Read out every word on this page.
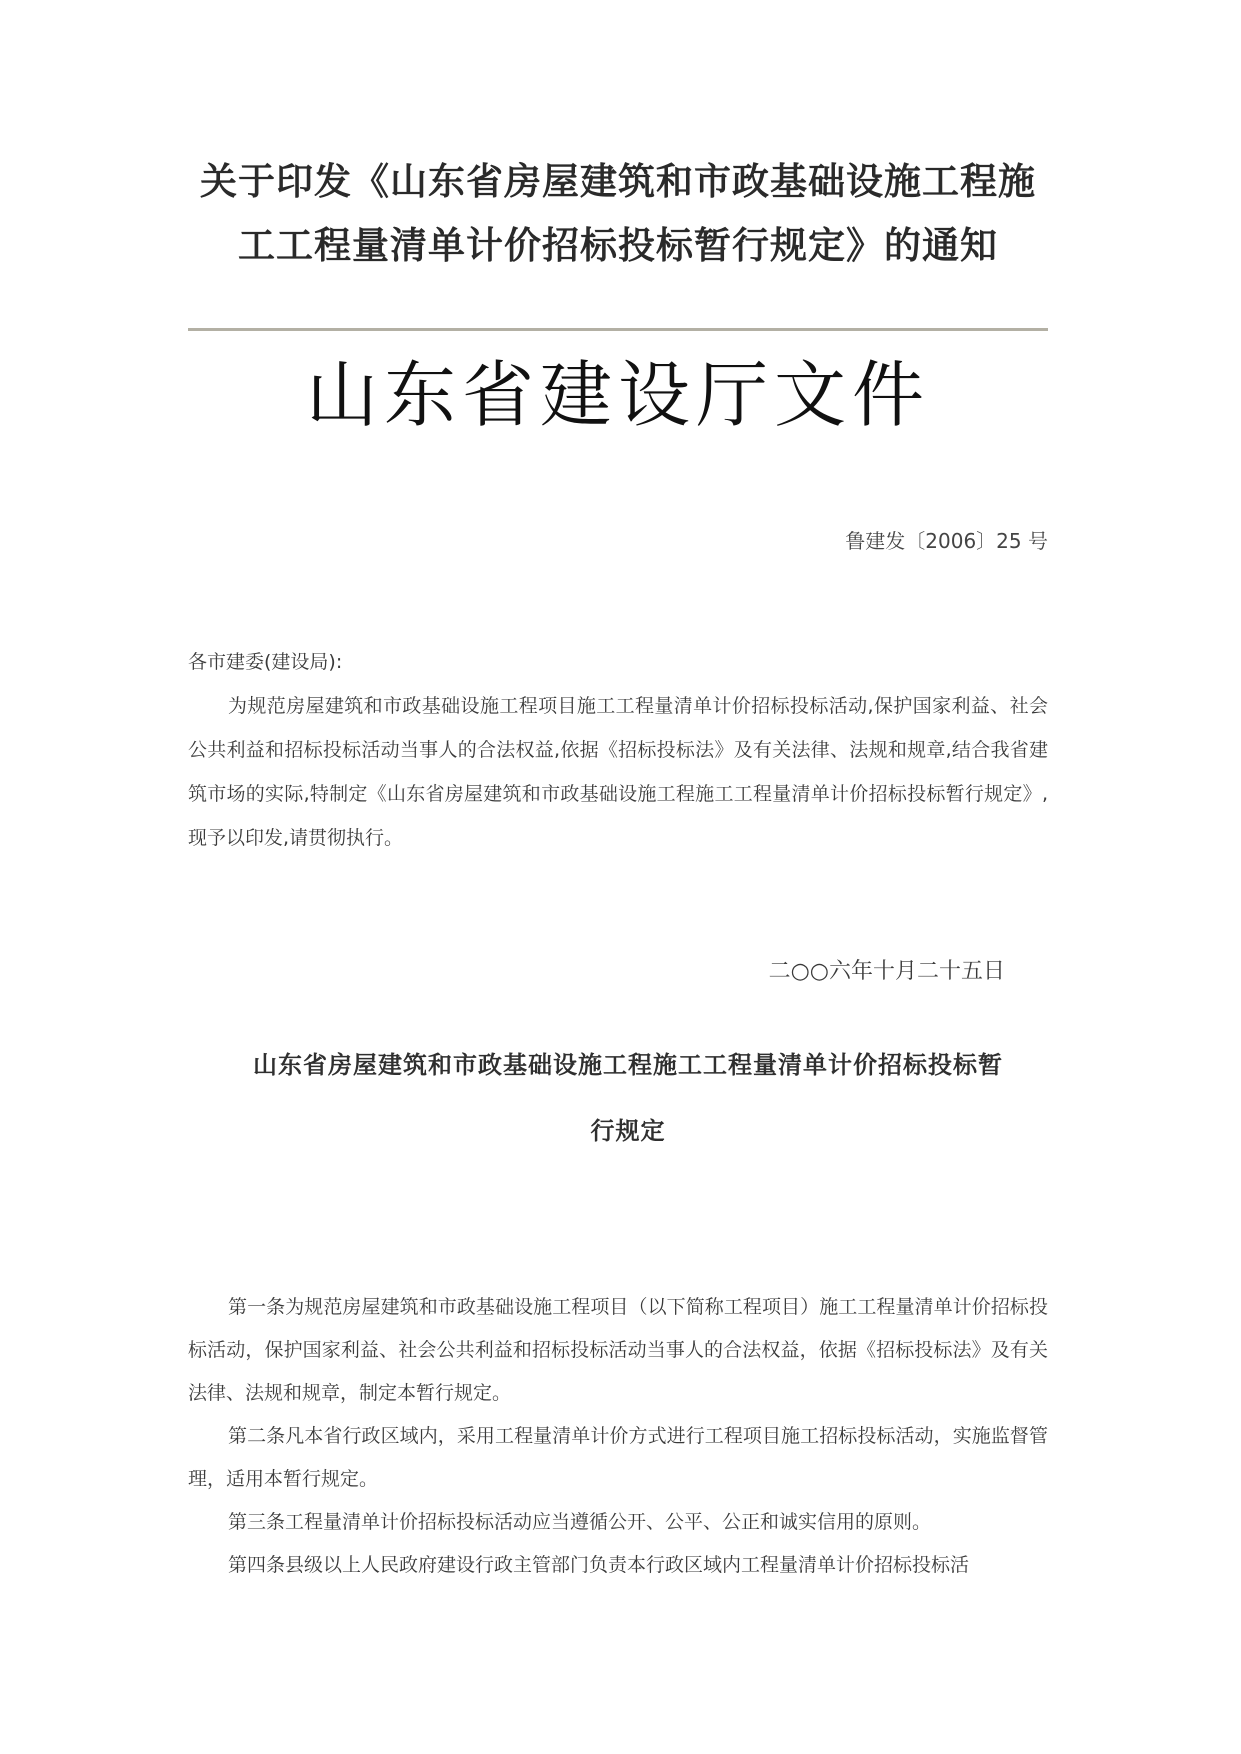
关于印发《山东省房屋建筑和市政基础设施工程施
工工程量清单计价招标投标暂行规定》的通知
山东省建设厅文件
鲁建发〔2006〕25 号
各市建委(建设局):

为规范房屋建筑和市政基础设施工程项目施工工程量清单计价招标投标活动,保护国家利益、社会公共利益和招标投标活动当事人的合法权益,依据《招标投标法》及有关法律、法规和规章,结合我省建筑市场的实际,特制定《山东省房屋建筑和市政基础设施工程施工工程量清单计价招标投标暂行规定》,现予以印发,请贯彻执行。

二○○六年十月二十五日
山东省房屋建筑和市政基础设施工程施工工程量清单计价招标投标暂
行规定

第一条为规范房屋建筑和市政基础设施工程项目（以下简称工程项目）施工工程量清单计价招标投标活动，保护国家利益、社会公共利益和招标投标活动当事人的合法权益，依据《招标投标法》及有关法律、法规和规章，制定本暂行规定。

第二条凡本省行政区域内，采用工程量清单计价方式进行工程项目施工招标投标活动，实施监督管理，适用本暂行规定。

第三条工程量清单计价招标投标活动应当遵循公开、公平、公正和诚实信用的原则。

第四条县级以上人民政府建设行政主管部门负责本行政区域内工程量清单计价招标投标活
